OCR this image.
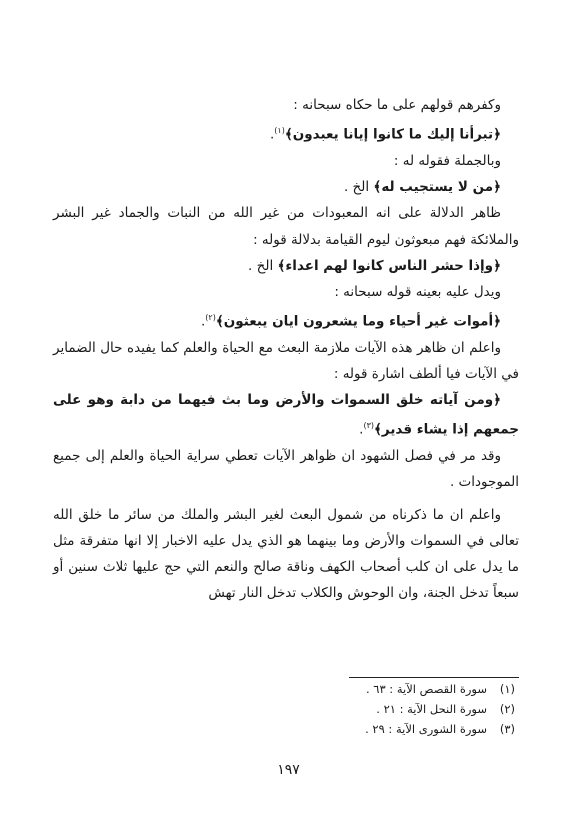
وكفرهم قولهم على ما حكاه سبحانه :

﴿تبرأنا إليك ما كانوا إيانا يعبدون﴾$^{(١)}$.

وبالجملة فقوله له :

﴿من لا يستجيب له﴾ الخ .

ظاهر الدلالة على انه المعبودات من غير الله من النبات والجماد غير البشر والملائكة فهم مبعوثون ليوم القيامة بدلالة قوله :

﴿وإذا حشر الناس كانوا لهم اعداء﴾ الخ .

ويدل عليه بعينه قوله سبحانه :

﴿أموات غير أحياء وما يشعرون ايان يبعثون﴾$^{(٢)}$.

واعلم ان ظاهر هذه الآيات ملازمة البعث مع الحياة والعلم كما يفيده حال الضماير في الآيات فيا ألطف اشارة قوله :

﴿ومن آياته خلق السموات والأرض وما بث فيهما من دابة وهو على جمعهم إذا يشاء قدير﴾$^{(٣)}$.

وقد مر في فصل الشهود ان ظواهر الآيات تعطي سراية الحياة والعلم إلى جميع الموجودات .

واعلم ان ما ذكرناه من شمول البعث لغير البشر والملك من سائر ما خلق الله تعالى في السموات والأرض وما بينهما هو الذي يدل عليه الاخبار إلا انها متفرقة مثل ما يدل على ان كلب أصحاب الكهف وناقة صالح والنعم التي حج عليها ثلاث سنين أو سبعاً تدخل الجنة، وان الوحوش والكلاب تدخل النار تهش

(١)سورة القصص الآية : ٦٣ .
(٢)سورة النحل الآية : ٢١ .
(٣)سورة الشورى الآية : ٢٩ .
١٩٧
